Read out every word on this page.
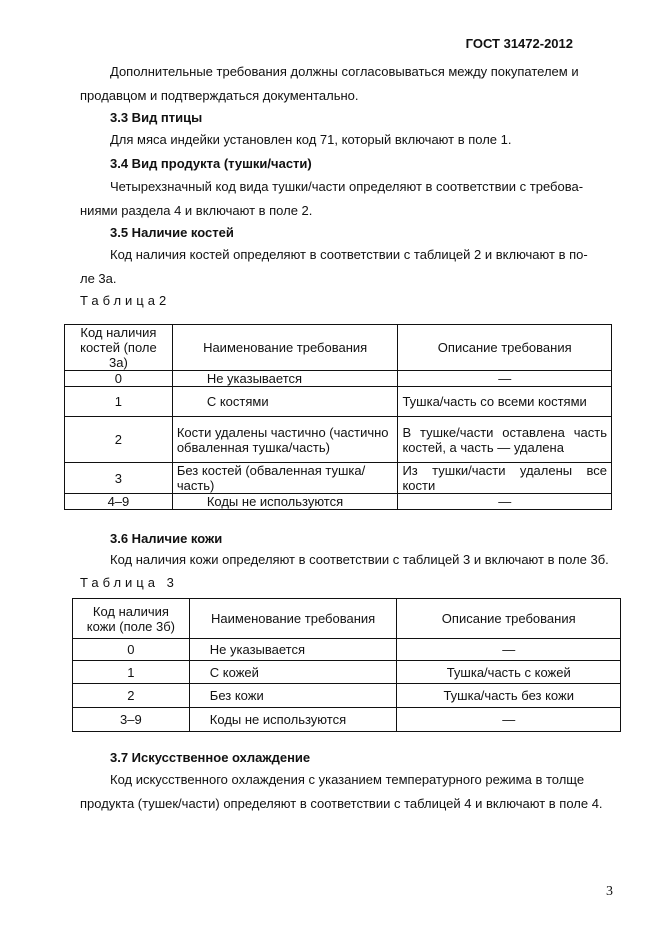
ГОСТ 31472-2012
Дополнительные требования должны согласовываться между покупателем и
продавцом и подтверждаться документально.
3.3 Вид птицы
Для мяса индейки установлен код 71, который включают в поле 1.
3.4 Вид продукта (тушки/части)
Четырехзначный код вида тушки/части определяют в соответствии с требова-
ниями раздела 4 и включают в поле 2.
3.5 Наличие костей
Код наличия костей определяют в соответствии с таблицей 2 и включают в по-
ле 3а.
Таблица2
Код наличия костей (поле 3а)	Наименование требования	Описание требования
0	Не указывается	—
1	С костями	Тушка/часть со всеми костями
2	Кости удалены частично (частично обваленная тушка/часть)	В тушке/части оставлена часть костей, а часть — удалена
3	Без костей (обваленная тушка/часть)	Из тушки/части удалены все кости
4–9	Коды не используются	—
3.6 Наличие кожи
Код наличия кожи определяют в соответствии с таблицей 3 и включают в поле 3б.
Таблица 3
Код наличия кожи (поле 3б)	Наименование требования	Описание требования
0	Не указывается	—
1	С кожей	Тушка/часть с кожей
2	Без кожи	Тушка/часть без кожи
3–9	Коды не используются	—
3.7 Искусственное охлаждение
Код искусственного охлаждения с указанием температурного режима в толще
продукта (тушек/части) определяют в соответствии с таблицей 4 и включают в поле 4.
3
